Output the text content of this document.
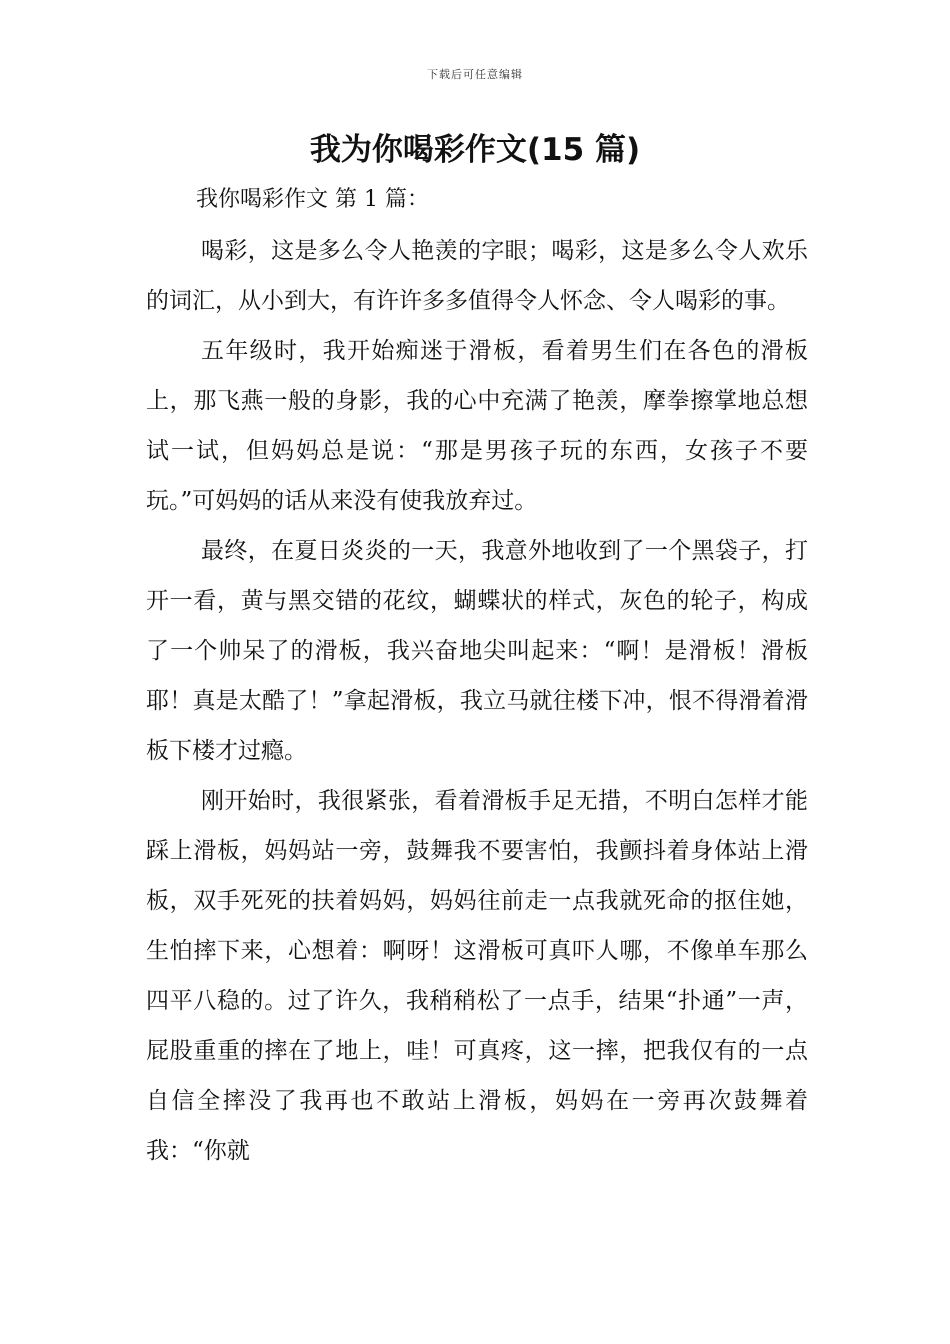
下载后可任意编辑
我为你喝彩作文(15 篇)
我你喝彩作文 第 1 篇：

喝彩，这是多么令人艳羡的字眼；喝彩，这是多么令人欢乐的词汇，从小到大，有许许多多值得令人怀念、令人喝彩的事。

五年级时，我开始痴迷于滑板，看着男生们在各色的滑板上，那飞燕一般的身影，我的心中充满了艳羡，摩拳擦掌地总想试一试，但妈妈总是说：“那是男孩子玩的东西，女孩子不要玩。”可妈妈的话从来没有使我放弃过。

最终，在夏日炎炎的一天，我意外地收到了一个黑袋子，打开一看，黄与黑交错的花纹，蝴蝶状的样式，灰色的轮子，构成了一个帅呆了的滑板，我兴奋地尖叫起来：“啊！是滑板！滑板耶！真是太酷了！”拿起滑板，我立马就往楼下冲，恨不得滑着滑板下楼才过瘾。

刚开始时，我很紧张，看着滑板手足无措，不明白怎样才能踩上滑板，妈妈站一旁，鼓舞我不要害怕，我颤抖着身体站上滑板，双手死死的扶着妈妈，妈妈往前走一点我就死命的抠住她，生怕摔下来，心想着：啊呀！这滑板可真吓人哪，不像单车那么四平八稳的。过了许久，我稍稍松了一点手，结果“扑通”一声，屁股重重的摔在了地上，哇！可真疼，这一摔，把我仅有的一点自信全摔没了我再也不敢站上滑板，妈妈在一旁再次鼓舞着我：“你就
